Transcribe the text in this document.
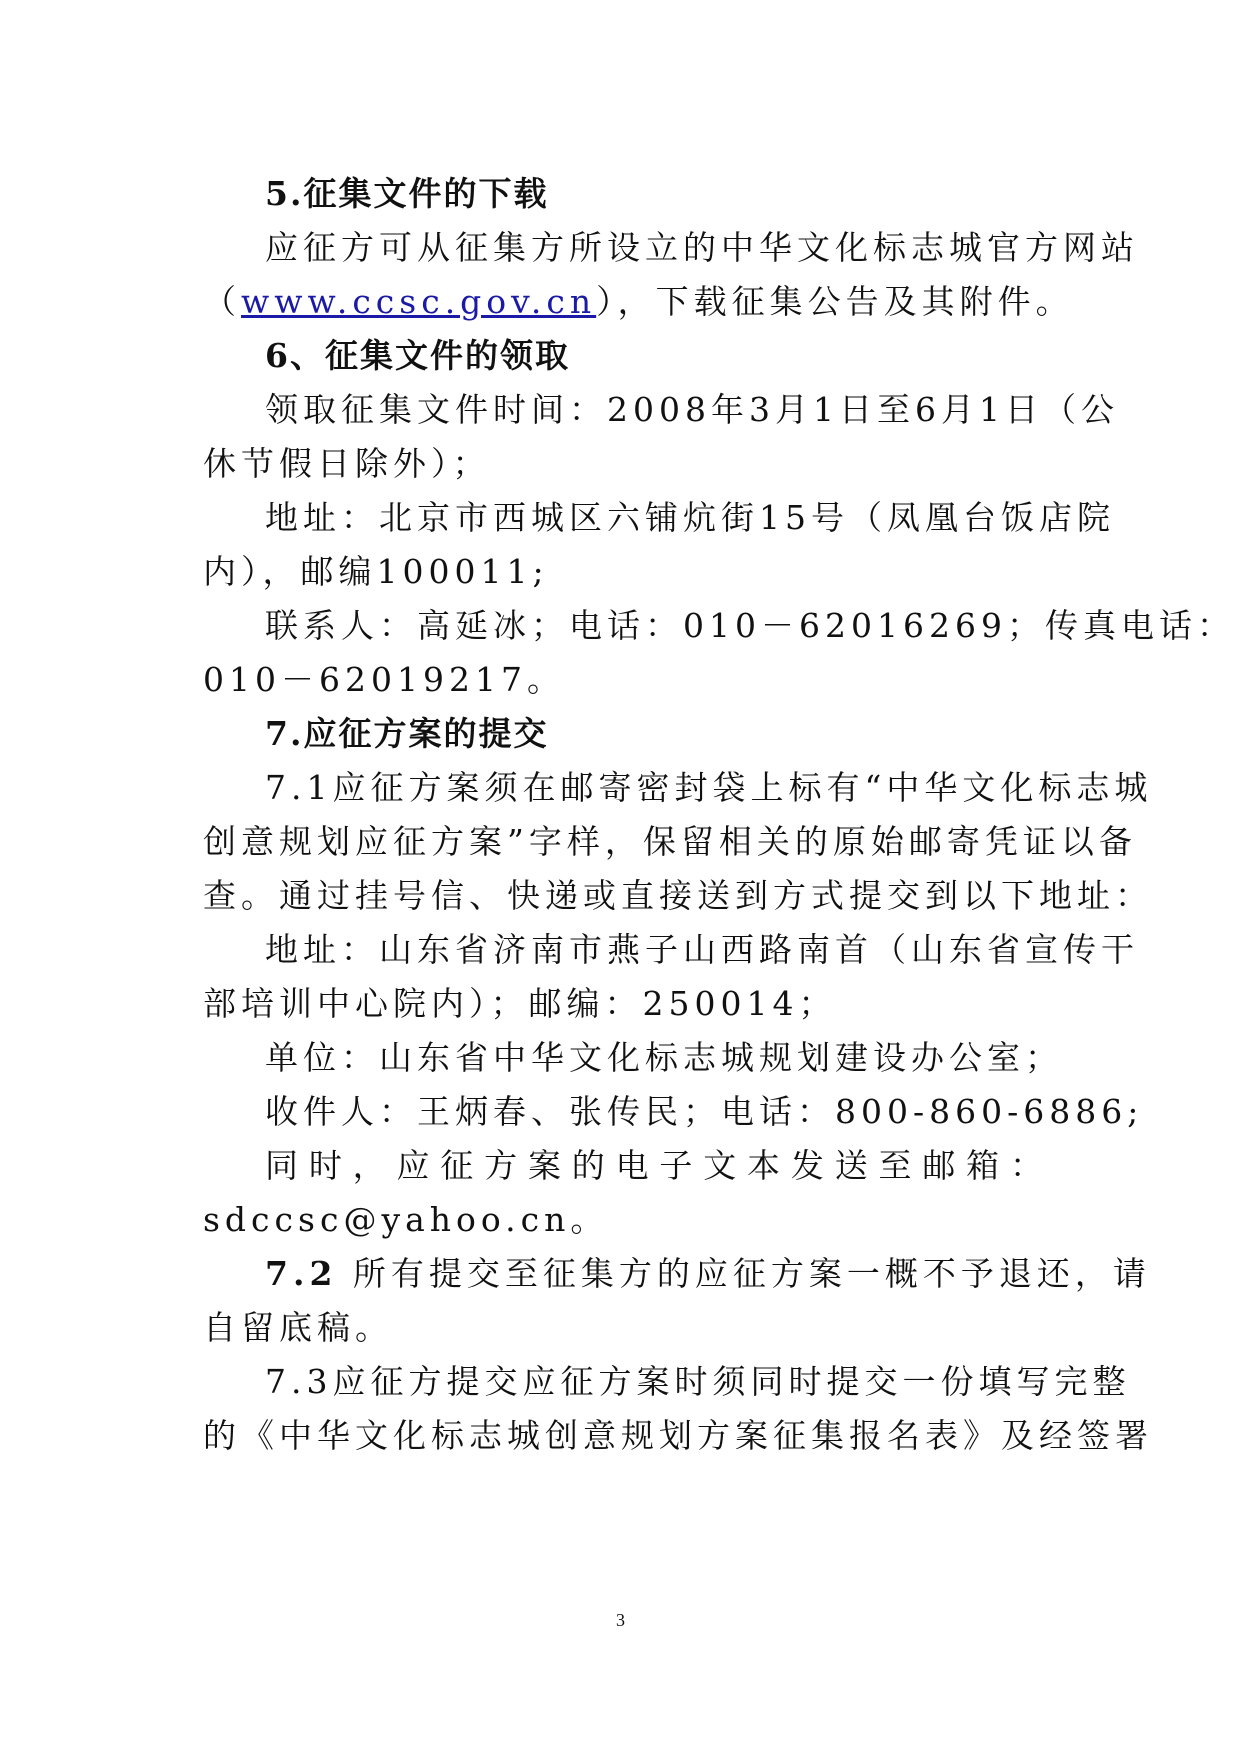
5.征集文件的下载
应征方可从征集方所设立的中华文化标志城官方网站
（www.ccsc.gov.cn），下载征集公告及其附件。
6、征集文件的领取
领取征集文件时间：2008年3月1日至6月1日（公
休节假日除外）；
地址：北京市西城区六铺炕街15号（凤凰台饭店院
内），邮编100011;
联系人：高延冰；电话：010－62016269；传真电话：
010－62019217。
7.应征方案的提交
7.1应征方案须在邮寄密封袋上标有“中华文化标志城
创意规划应征方案”字样，保留相关的原始邮寄凭证以备
查。通过挂号信、快递或直接送到方式提交到以下地址：
地址：山东省济南市燕子山西路南首（山东省宣传干
部培训中心院内）；邮编：250014；
单位：山东省中华文化标志城规划建设办公室；
收件人：王炳春、张传民；电话：800-860-6886;
同时，应征方案的电子文本发送至邮箱：
sdccsc@yahoo.cn。
7.2 所有提交至征集方的应征方案一概不予退还，请
自留底稿。
7.3应征方提交应征方案时须同时提交一份填写完整
的《中华文化标志城创意规划方案征集报名表》及经签署
3
